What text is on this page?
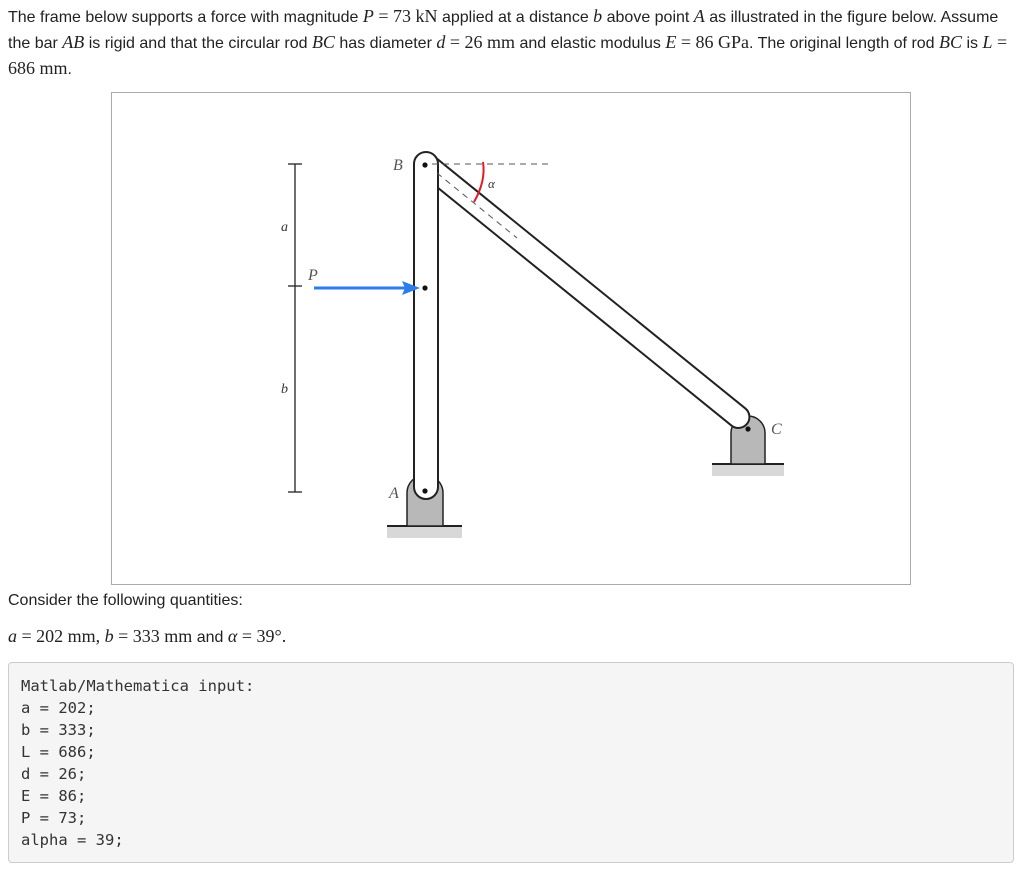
The frame below supports a force with magnitude P = 73 kN applied at a distance b above point A as illustrated in the figure below. Assume the bar AB is rigid and that the circular rod BC has diameter d = 26 mm and elastic modulus E = 86 GPa. The original length of rod BC is L = 686 mm.
a
b
α
B
A
C
P
Consider the following quantities:
a = 202 mm, b = 333 mm and α = 39°.
Matlab/Mathematica input:
a = 202;
b = 333;
L = 686;
d = 26;
E = 86;
P = 73;
alpha = 39;
